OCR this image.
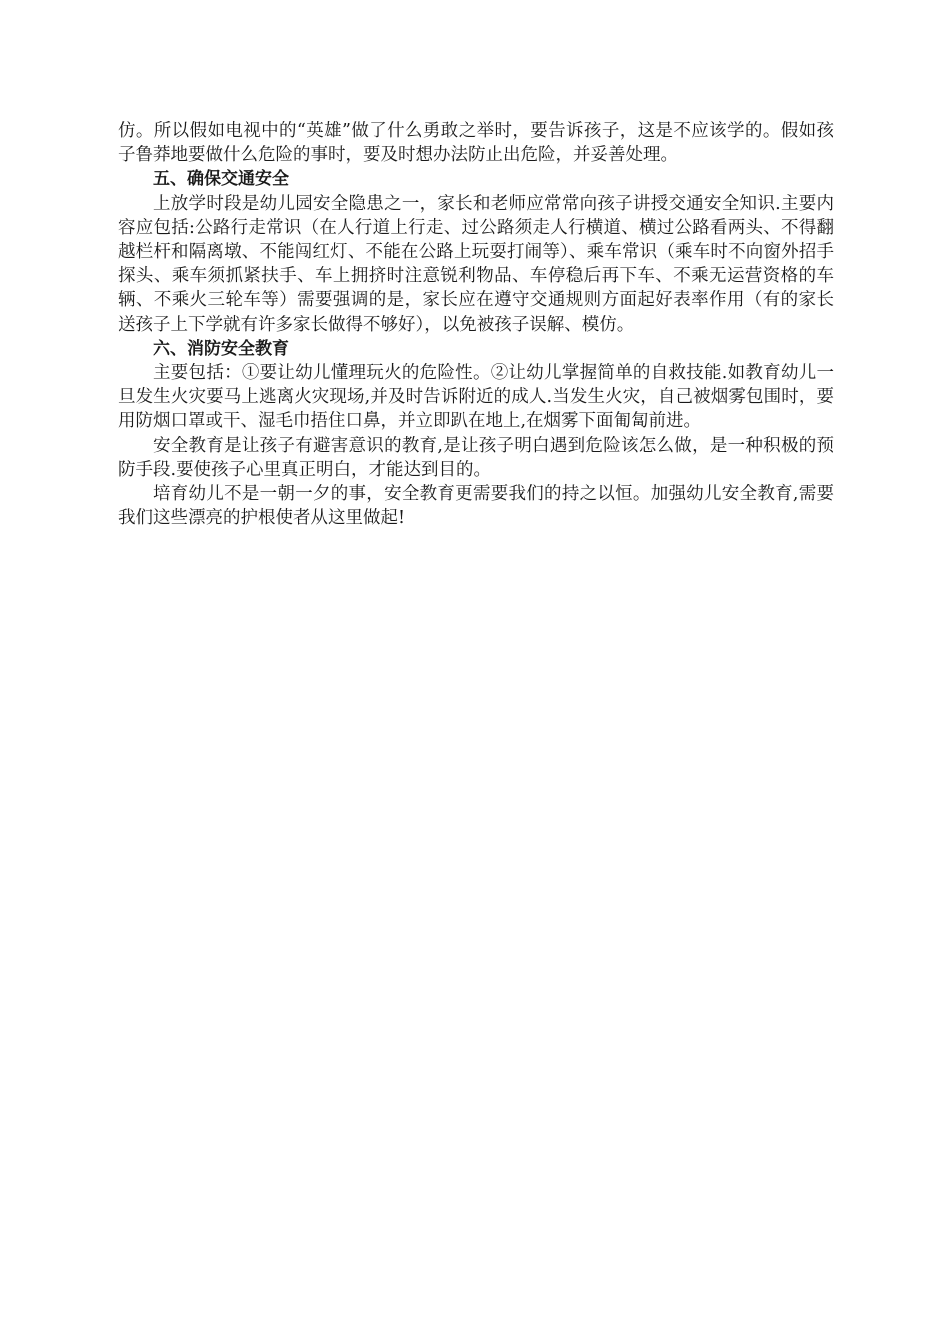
仿。所以假如电视中的“英雄”做了什么勇敢之举时，要告诉孩子，这是不应该学的。假如孩子鲁莽地要做什么危险的事时，要及时想办法防止出危险，并妥善处理。

五、确保交通安全

上放学时段是幼儿园安全隐患之一，家长和老师应常常向孩子讲授交通安全知识.主要内容应包括:公路行走常识（在人行道上行走、过公路须走人行横道、横过公路看两头、不得翻越栏杆和隔离墩、不能闯红灯、不能在公路上玩耍打闹等）、乘车常识（乘车时不向窗外招手探头、乘车须抓紧扶手、车上拥挤时注意锐利物品、车停稳后再下车、不乘无运营资格的车辆、不乘火三轮车等）需要强调的是，家长应在遵守交通规则方面起好表率作用（有的家长送孩子上下学就有许多家长做得不够好），以免被孩子误解、模仿。

六、消防安全教育

主要包括：①要让幼儿懂理玩火的危险性。②让幼儿掌握简单的自救技能.如教育幼儿一旦发生火灾要马上逃离火灾现场,并及时告诉附近的成人.当发生火灾，自己被烟雾包围时，要用防烟口罩或干、湿毛巾捂住口鼻，并立即趴在地上,在烟雾下面匍匐前进。

安全教育是让孩子有避害意识的教育,是让孩子明白遇到危险该怎么做，是一种积极的预防手段.要使孩子心里真正明白，才能达到目的。

培育幼儿不是一朝一夕的事，安全教育更需要我们的持之以恒。加强幼儿安全教育,需要我们这些漂亮的护根使者从这里做起!
